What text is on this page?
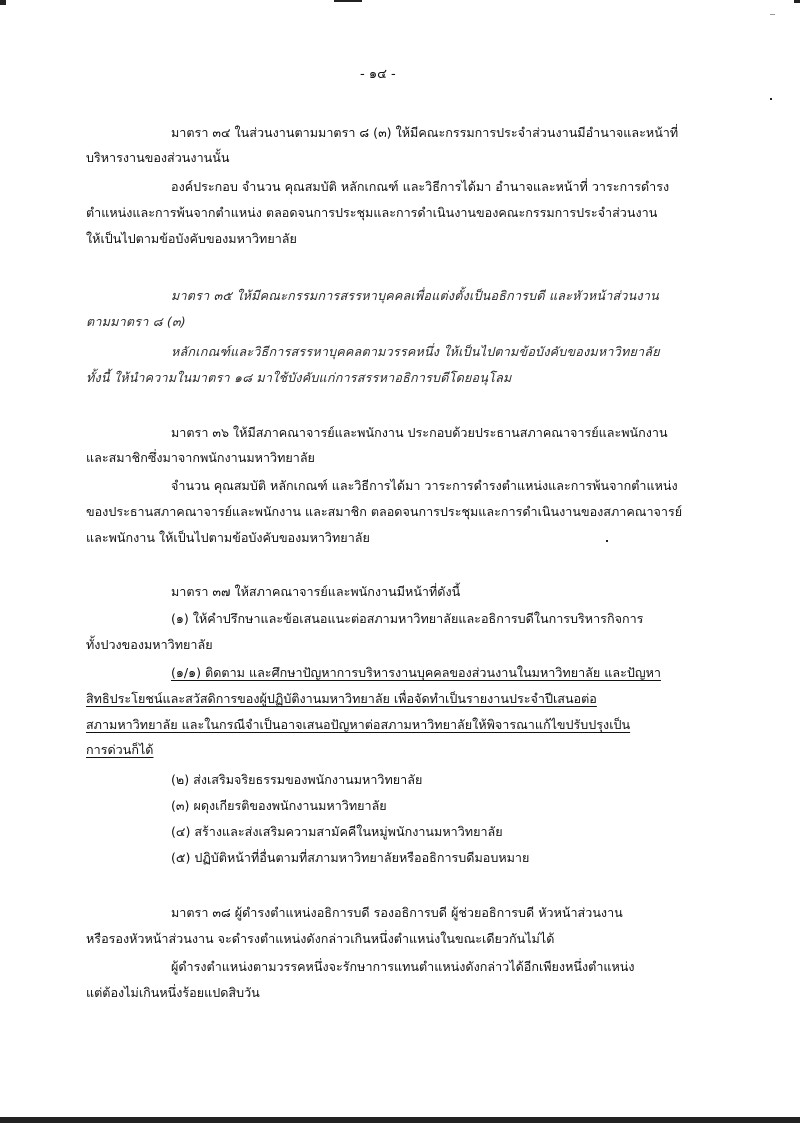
- ๑๔ -
มาตรา ๓๔ ในส่วนงานตามมาตรา ๘ (๓) ให้มีคณะกรรมการประจำส่วนงานมีอำนาจและหน้าที่
บริหารงานของส่วนงานนั้น
องค์ประกอบ จำนวน คุณสมบัติ หลักเกณฑ์ และวิธีการได้มา อำนาจและหน้าที่ วาระการดำรง
ตำแหน่งและการพ้นจากตำแหน่ง ตลอดจนการประชุมและการดำเนินงานของคณะกรรมการประจำส่วนงาน
ให้เป็นไปตามข้อบังคับของมหาวิทยาลัย
มาตรา ๓๕ ให้มีคณะกรรมการสรรหาบุคคลเพื่อแต่งตั้งเป็นอธิการบดี และหัวหน้าส่วนงาน
ตามมาตรา ๘ (๓)
หลักเกณฑ์และวิธีการสรรหาบุคคลตามวรรคหนึ่ง ให้เป็นไปตามข้อบังคับของมหาวิทยาลัย
ทั้งนี้ ให้นำความในมาตรา ๑๘ มาใช้บังคับแก่การสรรหาอธิการบดีโดยอนุโลม
มาตรา ๓๖ ให้มีสภาคณาจารย์และพนักงาน ประกอบด้วยประธานสภาคณาจารย์และพนักงาน
และสมาชิกซึ่งมาจากพนักงานมหาวิทยาลัย
จำนวน คุณสมบัติ หลักเกณฑ์ และวิธีการได้มา วาระการดำรงตำแหน่งและการพ้นจากตำแหน่ง
ของประธานสภาคณาจารย์และพนักงาน และสมาชิก ตลอดจนการประชุมและการดำเนินงานของสภาคณาจารย์
และพนักงาน ให้เป็นไปตามข้อบังคับของมหาวิทยาลัย
มาตรา ๓๗ ให้สภาคณาจารย์และพนักงานมีหน้าที่ดังนี้
(๑) ให้คำปรึกษาและข้อเสนอแนะต่อสภามหาวิทยาลัยและอธิการบดีในการบริหารกิจการ
ทั้งปวงของมหาวิทยาลัย
(๑/๑) ติดตาม และศึกษาปัญหาการบริหารงานบุคคลของส่วนงานในมหาวิทยาลัย และปัญหา
สิทธิประโยชน์และสวัสดิการของผู้ปฏิบัติงานมหาวิทยาลัย เพื่อจัดทำเป็นรายงานประจำปีเสนอต่อ
สภามหาวิทยาลัย และในกรณีจำเป็นอาจเสนอปัญหาต่อสภามหาวิทยาลัยให้พิจารณาแก้ไขปรับปรุงเป็น
การด่วนก็ได้
(๒) ส่งเสริมจริยธรรมของพนักงานมหาวิทยาลัย
(๓) ผดุงเกียรติของพนักงานมหาวิทยาลัย
(๔) สร้างและส่งเสริมความสามัคคีในหมู่พนักงานมหาวิทยาลัย
(๕) ปฏิบัติหน้าที่อื่นตามที่สภามหาวิทยาลัยหรืออธิการบดีมอบหมาย
มาตรา ๓๘ ผู้ดำรงตำแหน่งอธิการบดี รองอธิการบดี ผู้ช่วยอธิการบดี หัวหน้าส่วนงาน
หรือรองหัวหน้าส่วนงาน จะดำรงตำแหน่งดังกล่าวเกินหนึ่งตำแหน่งในขณะเดียวกันไม่ได้
ผู้ดำรงตำแหน่งตามวรรคหนึ่งจะรักษาการแทนตำแหน่งดังกล่าวได้อีกเพียงหนึ่งตำแหน่ง
แต่ต้องไม่เกินหนึ่งร้อยแปดสิบวัน
